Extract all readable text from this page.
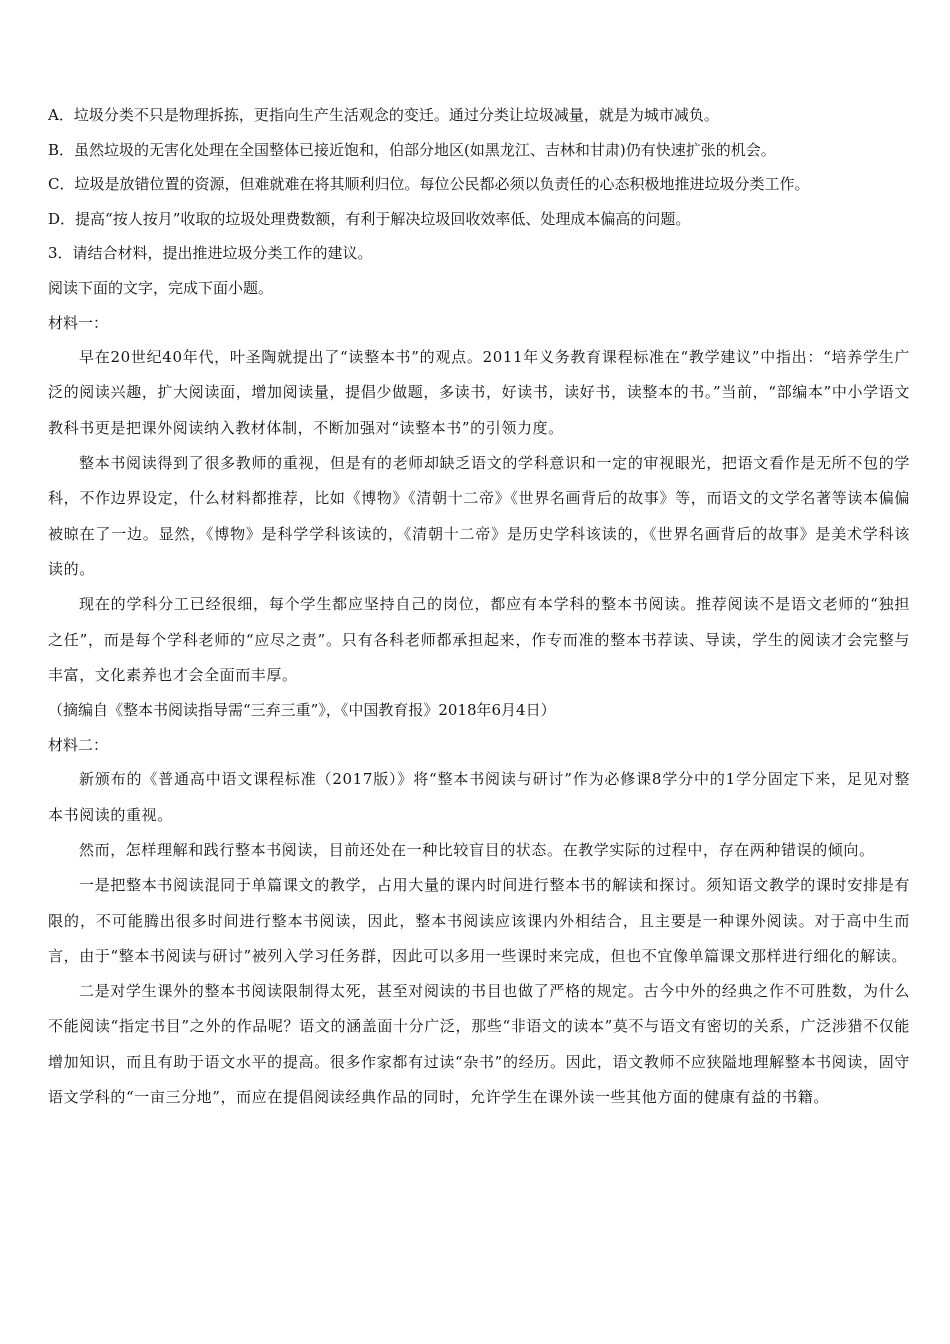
A．垃圾分类不只是物理拆拣，更指向生产生活观念的变迁。通过分类让垃圾减量，就是为城市减负。

B．虽然垃圾的无害化处理在全国整体已接近饱和，伯部分地区(如黑龙江、吉林和甘肃)仍有快速扩张的机会。

C．垃圾是放错位置的资源，但难就难在将其顺利归位。每位公民都必须以负责任的心态积极地推进垃圾分类工作。

D．提高“按人按月”收取的垃圾处理费数额，有利于解决垃圾回收效率低、处理成本偏高的问题。

3．请结合材料，提出推进垃圾分类工作的建议。

阅读下面的文字，完成下面小题。

材料一：

早在20世纪40年代，叶圣陶就提出了“读整本书”的观点。2011年义务教育课程标准在“教学建议”中指出：“培养学生广泛的阅读兴趣，扩大阅读面，增加阅读量，提倡少做题，多读书，好读书，读好书，读整本的书。”当前，“部编本”中小学语文教科书更是把课外阅读纳入教材体制，不断加强对“读整本书”的引领力度。

整本书阅读得到了很多教师的重视，但是有的老师却缺乏语文的学科意识和一定的审视眼光，把语文看作是无所不包的学科，不作边界设定，什么材料都推荐，比如《博物》《清朝十二帝》《世界名画背后的故事》等，而语文的文学名著等读本偏偏被晾在了一边。显然，《博物》是科学学科该读的，《清朝十二帝》是历史学科该读的，《世界名画背后的故事》是美术学科该读的。

现在的学科分工已经很细，每个学生都应坚持自己的岗位，都应有本学科的整本书阅读。推荐阅读不是语文老师的“独担之任”，而是每个学科老师的“应尽之责”。只有各科老师都承担起来，作专而准的整本书荐读、导读，学生的阅读才会完整与丰富，文化素养也才会全面而丰厚。

（摘编自《整本书阅读指导需“三弃三重”》，《中国教育报》2018年6月4日）

材料二：

新颁布的《普通高中语文课程标准（2017版）》将“整本书阅读与研讨”作为必修课8学分中的1学分固定下来，足见对整本书阅读的重视。

然而，怎样理解和践行整本书阅读，目前还处在一种比较盲目的状态。在教学实际的过程中，存在两种错误的倾向。

一是把整本书阅读混同于单篇课文的教学，占用大量的课内时间进行整本书的解读和探讨。须知语文教学的课时安排是有限的，不可能腾出很多时间进行整本书阅读，因此，整本书阅读应该课内外相结合，且主要是一种课外阅读。对于高中生而言，由于“整本书阅读与研讨”被列入学习任务群，因此可以多用一些课时来完成，但也不宜像单篇课文那样进行细化的解读。

二是对学生课外的整本书阅读限制得太死，甚至对阅读的书目也做了严格的规定。古今中外的经典之作不可胜数，为什么不能阅读“指定书目”之外的作品呢？语文的涵盖面十分广泛，那些“非语文的读本”莫不与语文有密切的关系，广泛涉猎不仅能增加知识，而且有助于语文水平的提高。很多作家都有过读“杂书”的经历。因此，语文教师不应狭隘地理解整本书阅读，固守语文学科的“一亩三分地”，而应在提倡阅读经典作品的同时，允许学生在课外读一些其他方面的健康有益的书籍。
